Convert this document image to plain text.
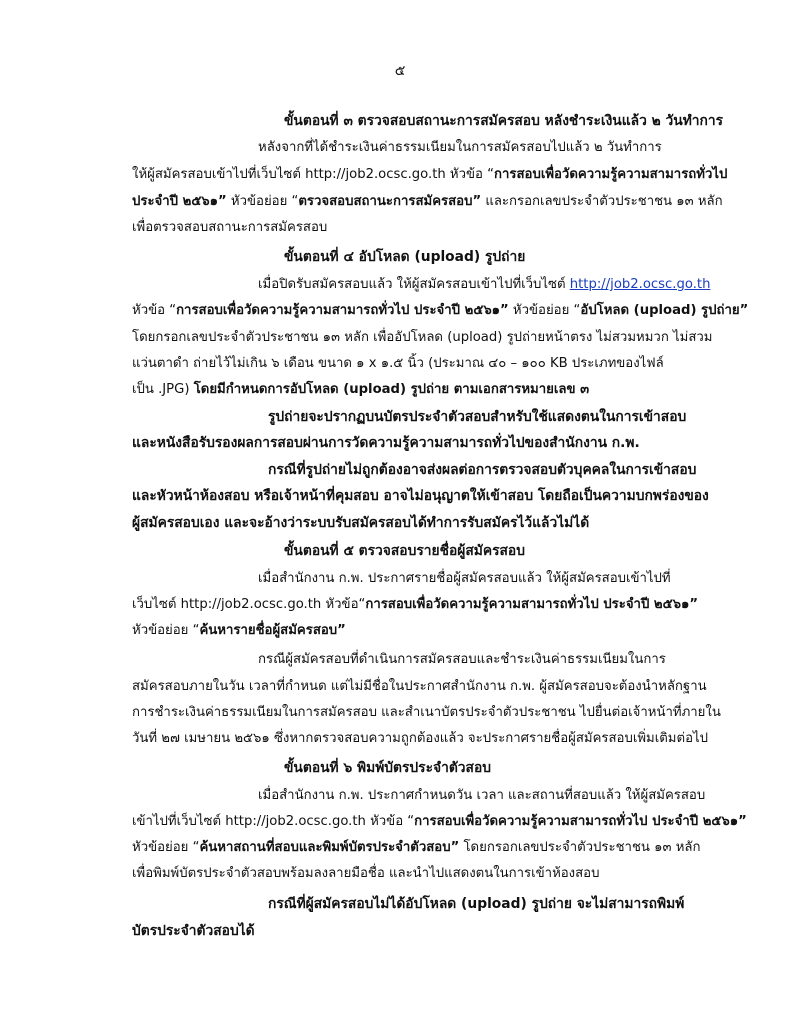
๕
ขั้นตอนที่ ๓ ตรวจสอบสถานะการสมัครสอบ หลังชำระเงินแล้ว ๒ วันทำการ
หลังจากที่ได้ชำระเงินค่าธรรมเนียมในการสมัครสอบไปแล้ว ๒ วันทำการ
ให้ผู้สมัครสอบเข้าไปที่เว็บไซต์ http://job2.ocsc.go.th หัวข้อ “การสอบเพื่อวัดความรู้ความสามารถทั่วไป
ประจำปี ๒๕๖๑” หัวข้อย่อย “ตรวจสอบสถานะการสมัครสอบ” และกรอกเลขประจำตัวประชาชน ๑๓ หลัก
เพื่อตรวจสอบสถานะการสมัครสอบ
ขั้นตอนที่ ๔ อัปโหลด (upload) รูปถ่าย
เมื่อปิดรับสมัครสอบแล้ว ให้ผู้สมัครสอบเข้าไปที่เว็บไซต์ http://job2.ocsc.go.th
หัวข้อ “การสอบเพื่อวัดความรู้ความสามารถทั่วไป ประจำปี ๒๕๖๑” หัวข้อย่อย “อัปโหลด (upload) รูปถ่าย”
โดยกรอกเลขประจำตัวประชาชน ๑๓ หลัก เพื่ออัปโหลด (upload) รูปถ่ายหน้าตรง ไม่สวมหมวก ไม่สวม
แว่นตาดำ ถ่ายไว้ไม่เกิน ๖ เดือน ขนาด ๑ x ๑.๕ นิ้ว (ประมาณ ๔๐ – ๑๐๐ KB ประเภทของไฟล์
เป็น .JPG) โดยมีกำหนดการอัปโหลด (upload) รูปถ่าย ตามเอกสารหมายเลข ๓
รูปถ่ายจะปรากฏบนบัตรประจำตัวสอบสำหรับใช้แสดงตนในการเข้าสอบ
และหนังสือรับรองผลการสอบผ่านการวัดความรู้ความสามารถทั่วไปของสำนักงาน ก.พ.
กรณีที่รูปถ่ายไม่ถูกต้องอาจส่งผลต่อการตรวจสอบตัวบุคคลในการเข้าสอบ
และหัวหน้าห้องสอบ หรือเจ้าหน้าที่คุมสอบ อาจไม่อนุญาตให้เข้าสอบ โดยถือเป็นความบกพร่องของ
ผู้สมัครสอบเอง และจะอ้างว่าระบบรับสมัครสอบได้ทำการรับสมัครไว้แล้วไม่ได้
ขั้นตอนที่ ๕ ตรวจสอบรายชื่อผู้สมัครสอบ
เมื่อสำนักงาน ก.พ. ประกาศรายชื่อผู้สมัครสอบแล้ว ให้ผู้สมัครสอบเข้าไปที่
เว็บไซต์ http://job2.ocsc.go.th หัวข้อ“การสอบเพื่อวัดความรู้ความสามารถทั่วไป ประจำปี ๒๕๖๑”
หัวข้อย่อย “ค้นหารายชื่อผู้สมัครสอบ”
กรณีผู้สมัครสอบที่ดำเนินการสมัครสอบและชำระเงินค่าธรรมเนียมในการ
สมัครสอบภายในวัน เวลาที่กำหนด แต่ไม่มีชื่อในประกาศสำนักงาน ก.พ. ผู้สมัครสอบจะต้องนำหลักฐาน
การชำระเงินค่าธรรมเนียมในการสมัครสอบ และสำเนาบัตรประจำตัวประชาชน ไปยื่นต่อเจ้าหน้าที่ภายใน
วันที่ ๒๗ เมษายน ๒๕๖๑ ซึ่งหากตรวจสอบความถูกต้องแล้ว จะประกาศรายชื่อผู้สมัครสอบเพิ่มเติมต่อไป
ขั้นตอนที่ ๖ พิมพ์บัตรประจำตัวสอบ
เมื่อสำนักงาน ก.พ. ประกาศกำหนดวัน เวลา และสถานที่สอบแล้ว ให้ผู้สมัครสอบ
เข้าไปที่เว็บไซต์ http://job2.ocsc.go.th หัวข้อ “การสอบเพื่อวัดความรู้ความสามารถทั่วไป ประจำปี ๒๕๖๑”
หัวข้อย่อย “ค้นหาสถานที่สอบและพิมพ์บัตรประจำตัวสอบ” โดยกรอกเลขประจำตัวประชาชน ๑๓ หลัก
เพื่อพิมพ์บัตรประจำตัวสอบพร้อมลงลายมือชื่อ และนำไปแสดงตนในการเข้าห้องสอบ
กรณีที่ผู้สมัครสอบไม่ได้อัปโหลด (upload) รูปถ่าย จะไม่สามารถพิมพ์
บัตรประจำตัวสอบได้
